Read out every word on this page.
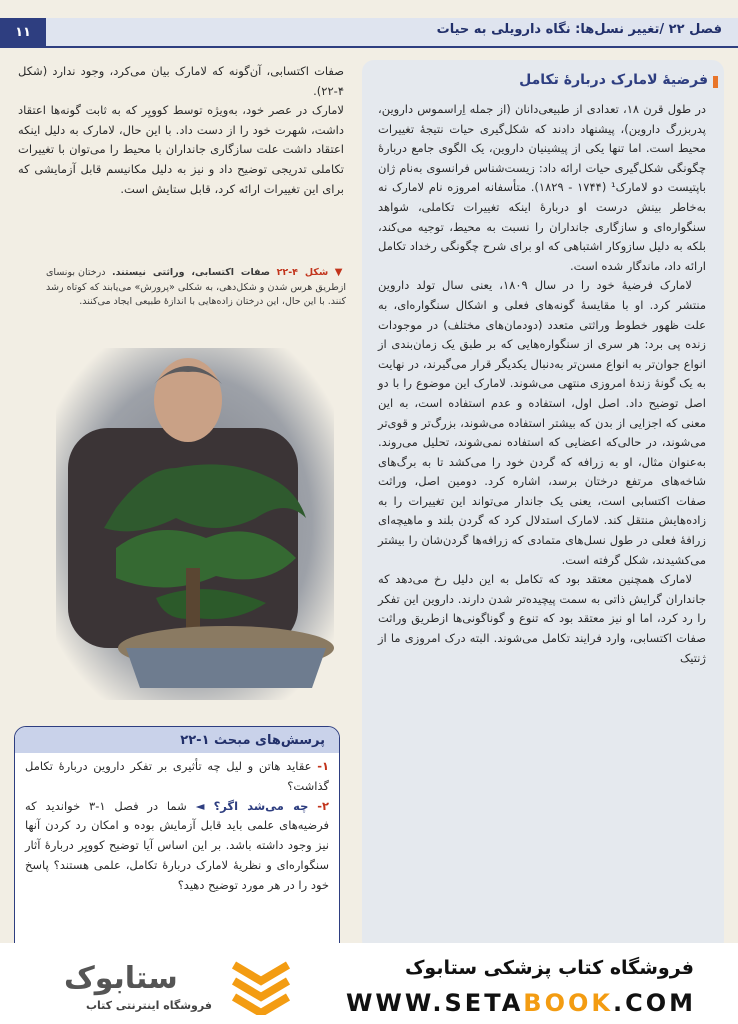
۱۱	فصل ۲۲ /تغییر نسل‌ها: نگاه دارویلی به حیات
فرضیهٔ لامارک دربارهٔ تکامل

در طول قرن ۱۸، تعدادی از طبیعی‌دانان (از جمله اِراسموس داروین، پدربزرگ داروین)، پیشنهاد دادند که شکل‌گیری حیات نتیجهٔ تغییرات محیط است. اما تنها یکی از پیشینیان داروین، یک الگوی جامع دربارهٔ چگونگی شکل‌گیری حیات ارائه داد: زیست‌شناس فرانسوی به‌نام ژان باپتیست دو لامارک¹ (۱۷۴۴ - ۱۸۲۹). متأسفانه امروزه نام لامارک نه به‌خاطر بینش درست او دربارهٔ اینکه تغییرات تکاملی، شواهد سنگواره‌ای و سازگاری جانداران را نسبت به محیط، توجیه می‌کند، بلکه به دلیل سازوکار اشتباهی که او برای شرح چگونگی رخداد تکامل ارائه داد، ماندگار شده است.

لامارک فرضیهٔ خود را در سال ۱۸۰۹، یعنی سال تولد داروین منتشر کرد. او با مقایسهٔ گونه‌های فعلی و اشکال سنگواره‌ای، به علت ظهور خطوط وراثتی متعدد (دودمان‌های مختلف) در موجودات زنده پی برد: هر سری از سنگواره‌هایی که بر طبق یک زمان‌بندی از انواع جوان‌تر به انواع مسن‌تر به‌دنبال یکدیگر قرار می‌گیرند، در نهایت به یک گونهٔ زندهٔ امروزی منتهی می‌شوند. لامارک این موضوع را با دو اصل توضیح داد. اصل اول، استفاده و عدم استفاده است، به این معنی که اجزایی از بدن که بیشتر استفاده می‌شوند، بزرگ‌تر و قوی‌تر می‌شوند، در حالی‌که اعضایی که استفاده نمی‌شوند، تحلیل می‌روند. به‌عنوان مثال، او به زرافه که گردن خود را می‌کشد تا به برگ‌های شاخه‌های مرتفع درختان برسد، اشاره کرد. دومین اصل، وراثت صفات اکتسابی است، یعنی یک جاندار می‌تواند این تغییرات را به زاده‌هایش منتقل کند. لامارک استدلال کرد که گردن بلند و ماهیچه‌ای زرافهٔ فعلی در طول نسل‌های متمادی که زرافه‌ها گردن‌شان را بیشتر می‌کشیدند، شکل گرفته است.

لامارک همچنین معتقد بود که تکامل به این دلیل رخ می‌دهد که جانداران گرایش ذاتی به سمت پیچیده‌تر شدن دارند. داروین این تفکر را رد کرد، اما او نیز معتقد بود که تنوع و گوناگونی‌ها ازطریق وراثت صفات اکتسابی، وارد فرایند تکامل می‌شوند. البته درک امروزی ما از ژنتیک

صفات اکتسابی، آن‌گونه که لامارک بیان می‌کرد، وجود ندارد (شکل ۴-۲۲).

لامارک در عصر خود، به‌ویژه توسط کوویِر که به ثابت گونه‌ها اعتقاد داشت، شهرت خود را از دست داد. با این حال، لامارک به دلیل اینکه اعتقاد داشت علت سازگاری جانداران با محیط را می‌توان با تغییرات تکاملی تدریجی توضیح داد و نیز به دلیل مکانیسم قابل آزمایشی که برای این تغییرات ارائه کرد، قابل ستایش است.

▼ شکل ۴-۲۲ صفات اکتسابی، وراثتی نیستند. درختان بونسای ازطریق هرس شدن و شکل‌دهی، به شکلی «پرورش» می‌یابند که کوتاه رشد کنند. با این حال، این درختان زاده‌هایی با اندازهٔ طبیعی ایجاد می‌کنند.
پرسش‌های مبحث ۱-۲۲

۱- عقاید هاتن و لیل چه تأثیری بر تفکر داروین دربارهٔ تکامل گذاشت؟

۲- چه می‌شد اگر؟ ◄ شما در فصل ۱-۳ خواندید که فرضیه‌های علمی باید قابل آزمایش بوده و امکان رد کردن آنها نیز وجود داشته باشد. بر این اساس آیا توضیح کوویِر دربارهٔ آثار سنگواره‌ای و نظریهٔ لامارک دربارهٔ تکامل، علمی هستند؟ پاسخ خود را در هر مورد توضیح دهید؟

فروشگاه کتاب پزشکی ستابوک
WWW.SETABOOK.COM
ستابوک
فروشگاه اینترنتی کتاب
